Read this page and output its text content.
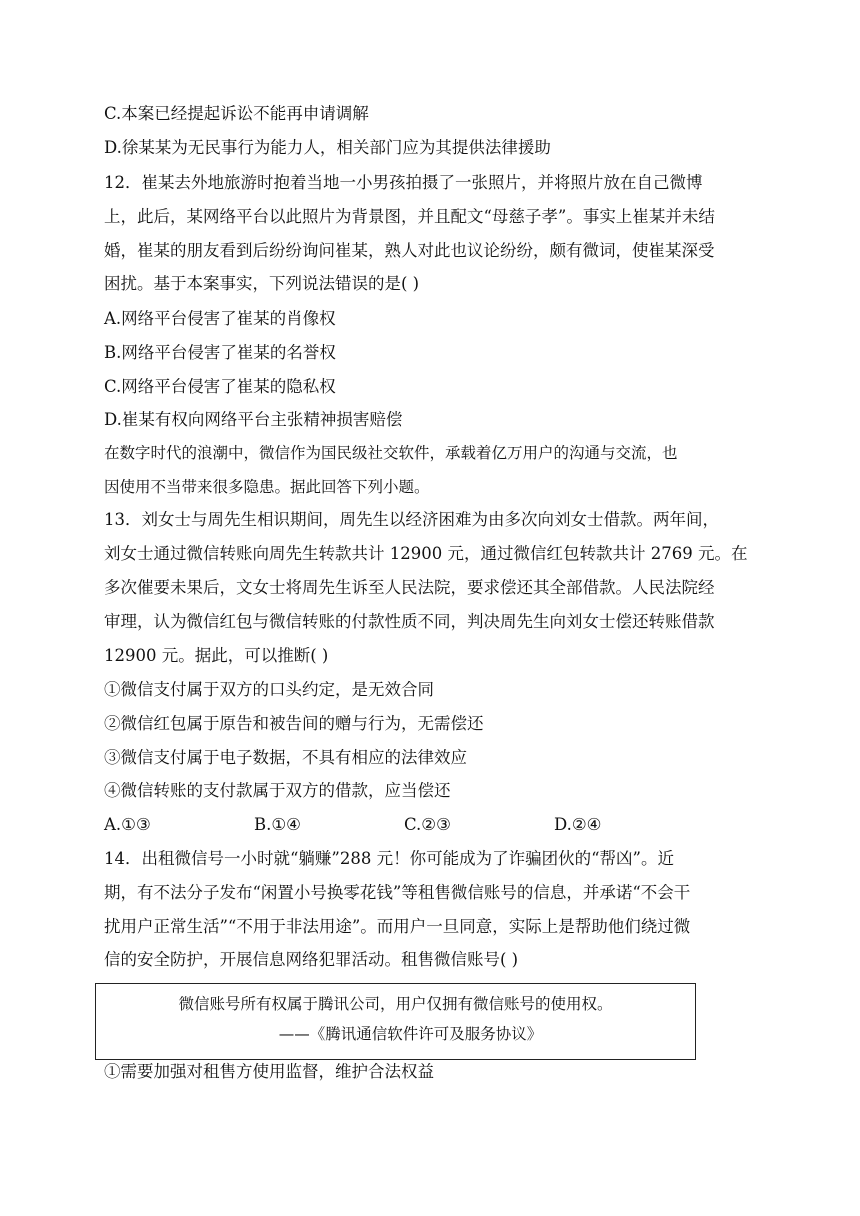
C.本案已经提起诉讼不能再申请调解
D.徐某某为无民事行为能力人，相关部门应为其提供法律援助
12．崔某去外地旅游时抱着当地一小男孩拍摄了一张照片，并将照片放在自己微博
上，此后，某网络平台以此照片为背景图，并且配文“母慈子孝”。事实上崔某并未结
婚，崔某的朋友看到后纷纷询问崔某，熟人对此也议论纷纷，颇有微词，使崔某深受
困扰。基于本案事实，下列说法错误的是( )
A.网络平台侵害了崔某的肖像权
B.网络平台侵害了崔某的名誉权
C.网络平台侵害了崔某的隐私权
D.崔某有权向网络平台主张精神损害赔偿
在数字时代的浪潮中，微信作为国民级社交软件，承载着亿万用户的沟通与交流，也
因使用不当带来很多隐患。据此回答下列小题。
13．刘女士与周先生相识期间，周先生以经济困难为由多次向刘女士借款。两年间，
刘女士通过微信转账向周先生转款共计 12900 元，通过微信红包转款共计 2769 元。在
多次催要未果后，文女士将周先生诉至人民法院，要求偿还其全部借款。人民法院经
审理，认为微信红包与微信转账的付款性质不同，判决周先生向刘女士偿还转账借款
12900 元。据此，可以推断( )
①微信支付属于双方的口头约定，是无效合同
②微信红包属于原告和被告间的赠与行为，无需偿还
③微信支付属于电子数据，不具有相应的法律效应
④微信转账的支付款属于双方的借款，应当偿还
A.①③	B.①④	C.②③	D.②④
14．出租微信号一小时就“躺赚”288 元！你可能成为了诈骗团伙的“帮凶”。近
期，有不法分子发布“闲置小号换零花钱”等租售微信账号的信息，并承诺“不会干
扰用户正常生活”“不用于非法用途”。而用户一旦同意，实际上是帮助他们绕过微
信的安全防护，开展信息网络犯罪活动。租售微信账号( )
微信账号所有权属于腾讯公司，用户仅拥有微信账号的使用权。
——《腾讯通信软件许可及服务协议》
①需要加强对租售方使用监督，维护合法权益
